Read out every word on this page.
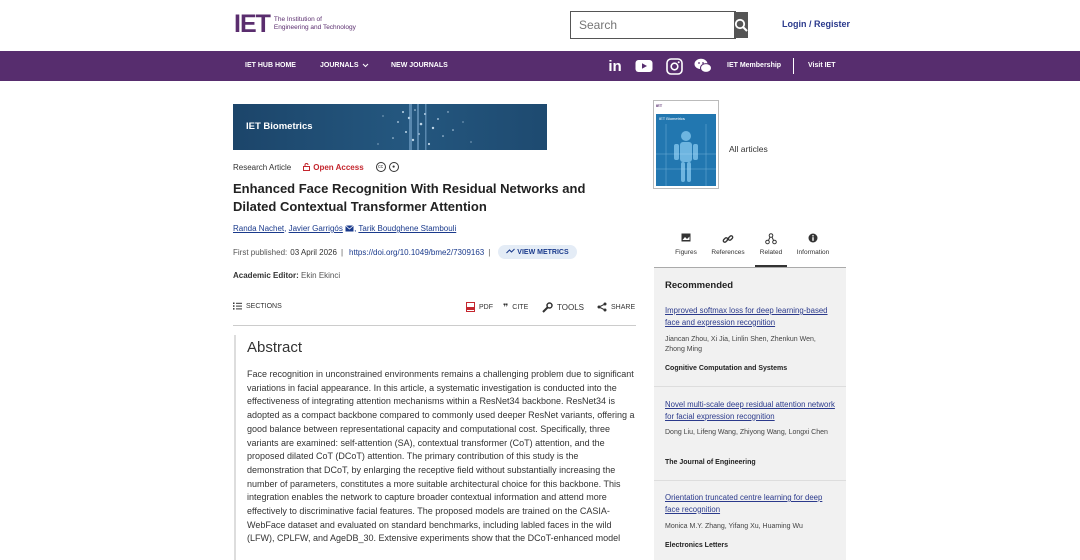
IET The Institution of
Engineering and Technology
Search	Login / Register
IET HUB HOME	JOURNALS	NEW JOURNALS	in	IET Membership	Visit IET
IET Biometrics
Research Article	Open Access	cc	●
Enhanced Face Recognition With Residual Networks and
Dilated Contextual Transformer Attention
Randa Nachet, Javier Garrigós , Tarik Boudghene Stambouli
First published: 03 April 2026 | https://doi.org/10.1049/bme2/7309163 |	VIEW METRICS
Academic Editor: Ekin Ekinci
SECTIONS	PDF ❞ CITE	TOOLS	SHARE
Abstract
Face recognition in unconstrained environments remains a challenging problem due to significant variations in facial appearance. In this article, a systematic investigation is conducted into the effectiveness of integrating attention mechanisms within a ResNet34 backbone. ResNet34 is adopted as a compact backbone compared to commonly used deeper ResNet variants, offering a good balance between representational capacity and computational cost. Specifically, three variants are examined: self-attention (SA), contextual transformer (CoT) attention, and the proposed dilated CoT (DCoT) attention. The primary contribution of this study is the demonstration that DCoT, by enlarging the receptive field without substantially increasing the number of parameters, constitutes a more suitable architectural choice for this backbone. This integration enables the network to capture broader contextual information and attend more effectively to discriminative facial features. The proposed models are trained on the CASIA-WebFace dataset and evaluated on standard benchmarks, including labled faces in the wild (LFW), CPLFW, and AgeDB_30. Extensive experiments show that the DCoT-enhanced model
IET
IET Biometrics
All articles
Figures	References	Related	Information
Recommended
Improved softmax loss for deep learning‐based face and expression recognition
Jiancan Zhou, Xi Jia, Linlin Shen, Zhenkun Wen, Zhong Ming
Cognitive Computation and Systems
Novel multi‐scale deep residual attention network for facial expression recognition
Dong Liu, Lifeng Wang, Zhiyong Wang, Longxi Chen
The Journal of Engineering
Orientation truncated centre learning for deep face recognition
Monica M.Y. Zhang, Yifang Xu, Huaming Wu
Electronics Letters
